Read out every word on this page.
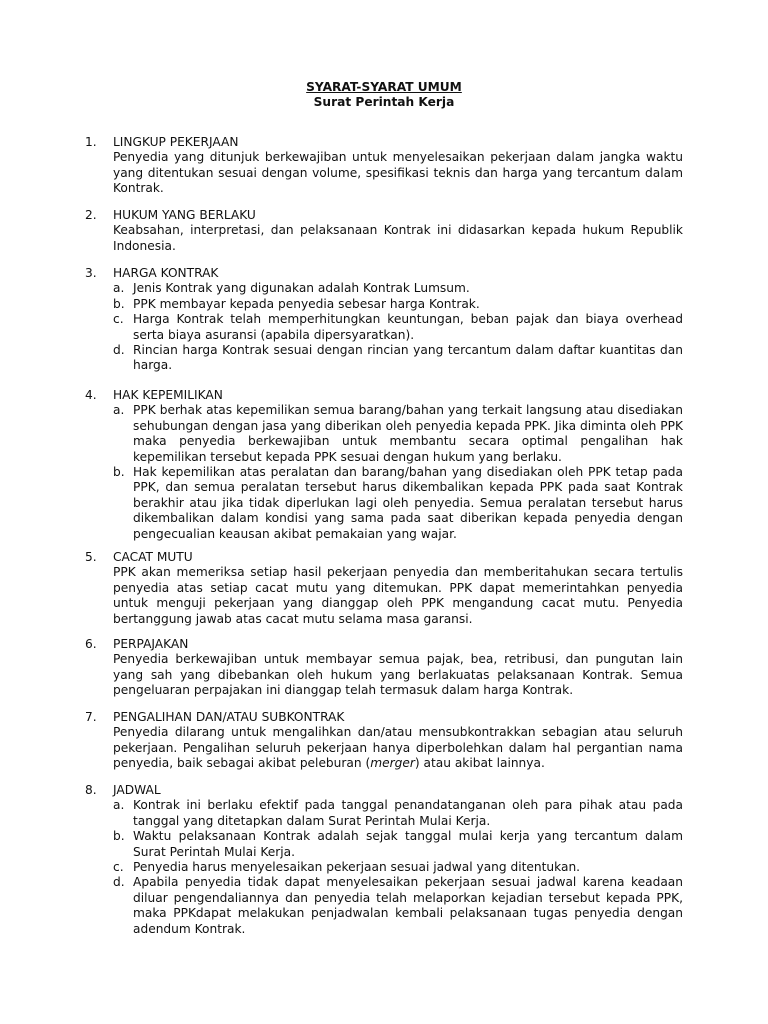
SYARAT-SYARAT UMUM
Surat Perintah Kerja
1.	LINGKUP PEKERJAAN
Penyedia yang ditunjuk berkewajiban untuk menyelesaikan pekerjaan dalam jangka waktu yang ditentukan sesuai dengan volume, spesifikasi teknis dan harga yang tercantum dalam Kontrak.
2.	HUKUM YANG BERLAKU
Keabsahan, interpretasi, dan pelaksanaan Kontrak ini didasarkan kepada hukum Republik Indonesia.
3.	HARGA KONTRAK
a. Jenis Kontrak yang digunakan adalah Kontrak Lumsum.
b. PPK membayar kepada penyedia sebesar harga Kontrak.
c. Harga Kontrak telah memperhitungkan keuntungan, beban pajak dan biaya overhead serta biaya asuransi (apabila dipersyaratkan).
d. Rincian harga Kontrak sesuai dengan rincian yang tercantum dalam daftar kuantitas dan harga.
4.	HAK KEPEMILIKAN
a. PPK berhak atas kepemilikan semua barang/bahan yang terkait langsung atau disediakan sehubungan dengan jasa yang diberikan oleh penyedia kepada PPK. Jika diminta oleh PPK maka penyedia berkewajiban untuk membantu secara optimal pengalihan hak kepemilikan tersebut kepada PPK sesuai dengan hukum yang berlaku.
b. Hak kepemilikan atas peralatan dan barang/bahan yang disediakan oleh PPK tetap pada PPK, dan semua peralatan tersebut harus dikembalikan kepada PPK pada saat Kontrak berakhir atau jika tidak diperlukan lagi oleh penyedia. Semua peralatan tersebut harus dikembalikan dalam kondisi yang sama pada saat diberikan kepada penyedia dengan pengecualian keausan akibat pemakaian yang wajar.
5.	CACAT MUTU
PPK akan memeriksa setiap hasil pekerjaan penyedia dan memberitahukan secara tertulis penyedia atas setiap cacat mutu yang ditemukan. PPK dapat memerintahkan penyedia untuk menguji pekerjaan yang dianggap oleh PPK mengandung cacat mutu. Penyedia bertanggung jawab atas cacat mutu selama masa garansi.
6.	PERPAJAKAN
Penyedia berkewajiban untuk membayar semua pajak, bea, retribusi, dan pungutan lain yang sah yang dibebankan oleh hukum yang berlakuatas pelaksanaan Kontrak. Semua pengeluaran perpajakan ini dianggap telah termasuk dalam harga Kontrak.
7.	PENGALIHAN DAN/ATAU SUBKONTRAK
Penyedia dilarang untuk mengalihkan dan/atau mensubkontrakkan sebagian atau seluruh pekerjaan. Pengalihan seluruh pekerjaan hanya diperbolehkan dalam hal pergantian nama penyedia, baik sebagai akibat peleburan (merger) atau akibat lainnya.
8.	JADWAL
a. Kontrak ini berlaku efektif pada tanggal penandatanganan oleh para pihak atau pada tanggal yang ditetapkan dalam Surat Perintah Mulai Kerja.
b. Waktu pelaksanaan Kontrak adalah sejak tanggal mulai kerja yang tercantum dalam Surat Perintah Mulai Kerja.
c. Penyedia harus menyelesaikan pekerjaan sesuai jadwal yang ditentukan.
d. Apabila penyedia tidak dapat menyelesaikan pekerjaan sesuai jadwal karena keadaan diluar pengendaliannya dan penyedia telah melaporkan kejadian tersebut kepada PPK, maka PPKdapat melakukan penjadwalan kembali pelaksanaan tugas penyedia dengan adendum Kontrak.
